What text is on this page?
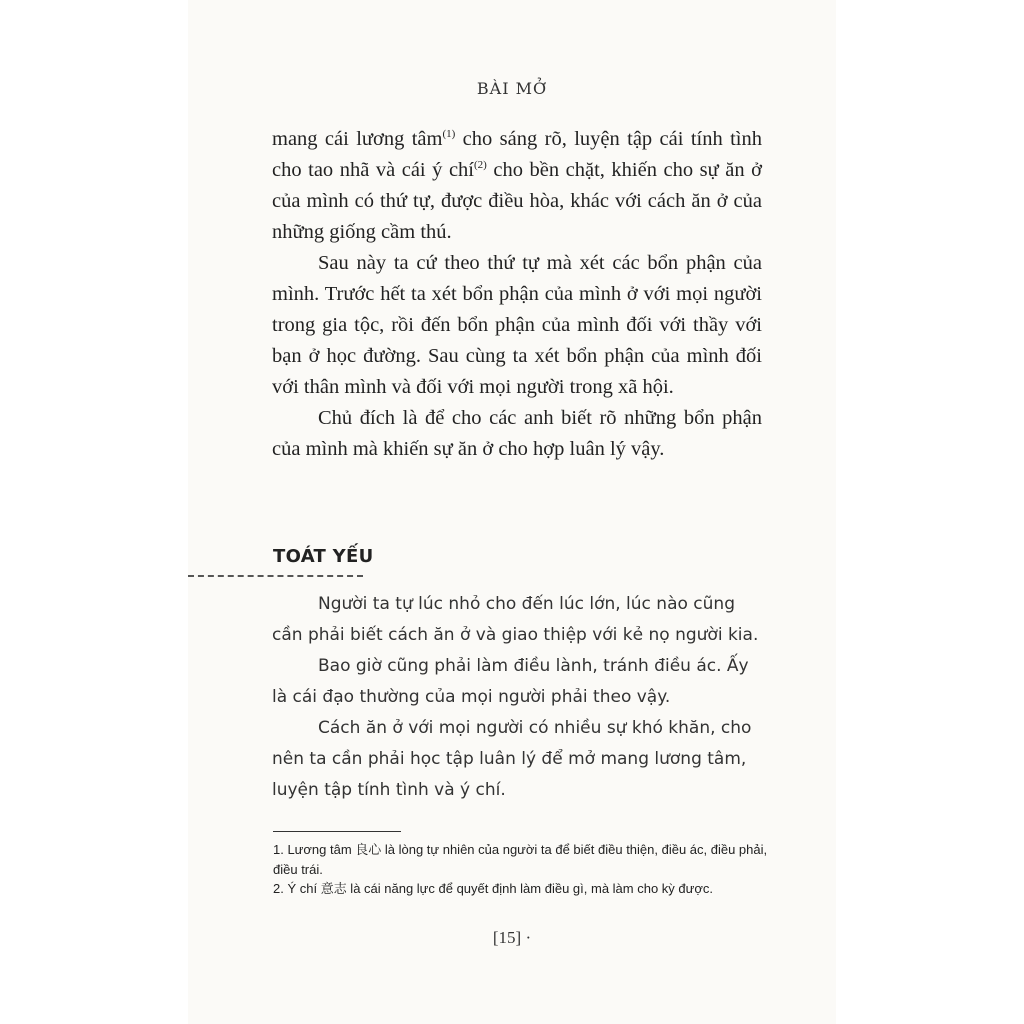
BÀI MỞ

mang cái lương tâm$^{(1)}$ cho sáng rõ, luyện tập cái tính tình cho tao nhã và cái ý chí$^{(2)}$ cho bền chặt, khiến cho sự ăn ở của mình có thứ tự, được điều hòa, khác với cách ăn ở của những giống cầm thú.

Sau này ta cứ theo thứ tự mà xét các bổn phận của mình. Trước hết ta xét bổn phận của mình ở với mọi người trong gia tộc, rồi đến bổn phận của mình đối với thầy với bạn ở học đường. Sau cùng ta xét bổn phận của mình đối với thân mình và đối với mọi người trong xã hội.

Chủ đích là để cho các anh biết rõ những bổn phận của mình mà khiến sự ăn ở cho hợp luân lý vậy.

TOÁT YẾU

Người ta tự lúc nhỏ cho đến lúc lớn, lúc nào cũng cần phải biết cách ăn ở và giao thiệp với kẻ nọ người kia.

Bao giờ cũng phải làm điều lành, tránh điều ác. Ấy là cái đạo thường của mọi người phải theo vậy.

Cách ăn ở với mọi người có nhiều sự khó khăn, cho nên ta cần phải học tập luân lý để mở mang lương tâm, luyện tập tính tình và ý chí.

1. Lương tâm 良心 là lòng tự nhiên của người ta để biết điều thiện, điều ác, điều phải, điều trái.

2. Ý chí 意志 là cái năng lực để quyết định làm điều gì, mà làm cho kỳ được.

[15] ·
